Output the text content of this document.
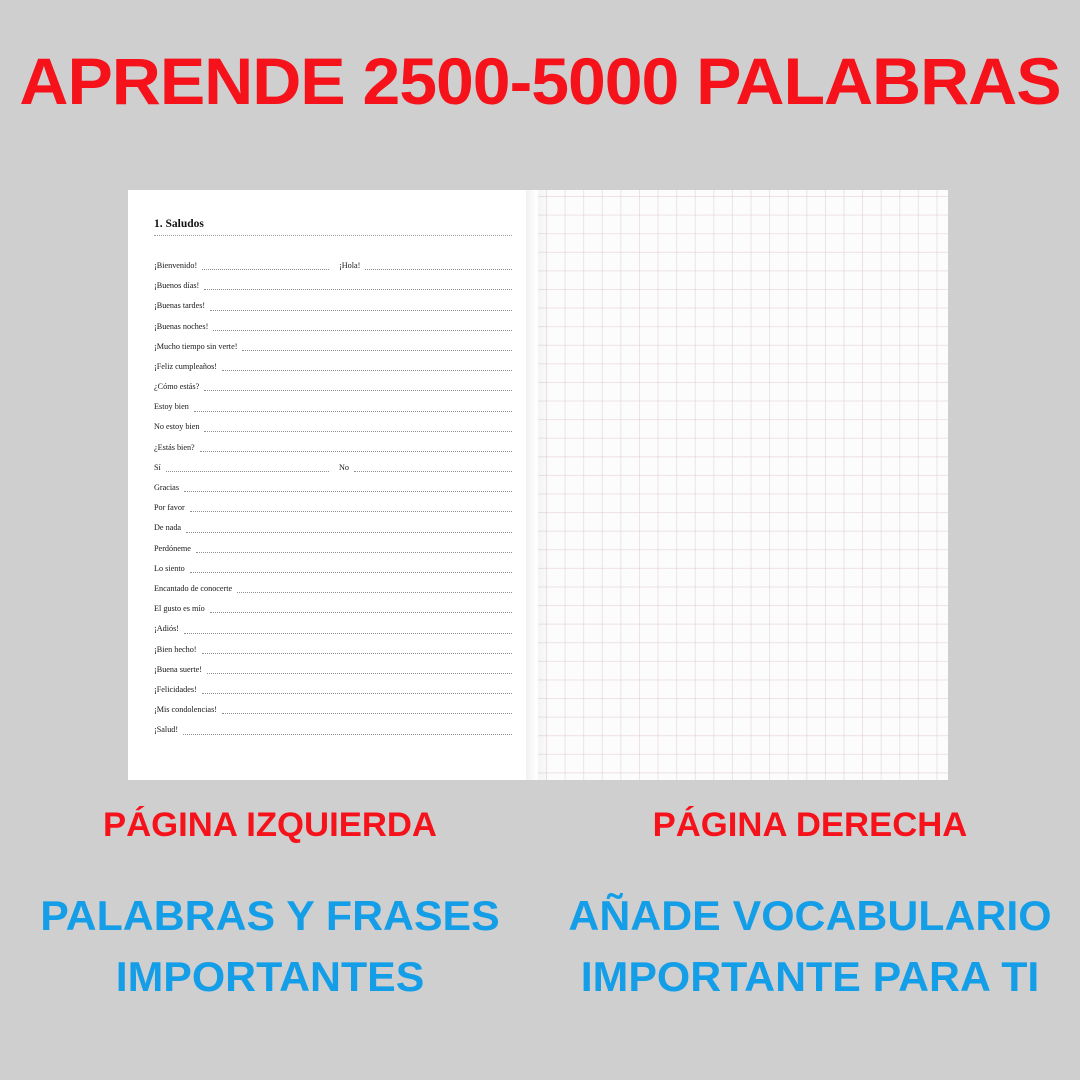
APRENDE 2500-5000 PALABRAS
1. Saludos
¡Bienvenido!	¡Hola!
¡Buenos días!
¡Buenas tardes!
¡Buenas noches!
¡Mucho tiempo sin verte!
¡Feliz cumpleaños!
¿Cómo estás?
Estoy bien
No estoy bien
¿Estás bien?
Sí	No
Gracias
Por favor
De nada
Perdóneme
Lo siento
Encantado de conocerte
El gusto es mío
¡Adiós!
¡Bien hecho!
¡Buena suerte!
¡Felicidades!
¡Mis condolencias!
¡Salud!
PÁGINA IZQUIERDA
PALABRAS Y FRASES
IMPORTANTES
PÁGINA DERECHA
AÑADE VOCABULARIO
IMPORTANTE PARA TI
